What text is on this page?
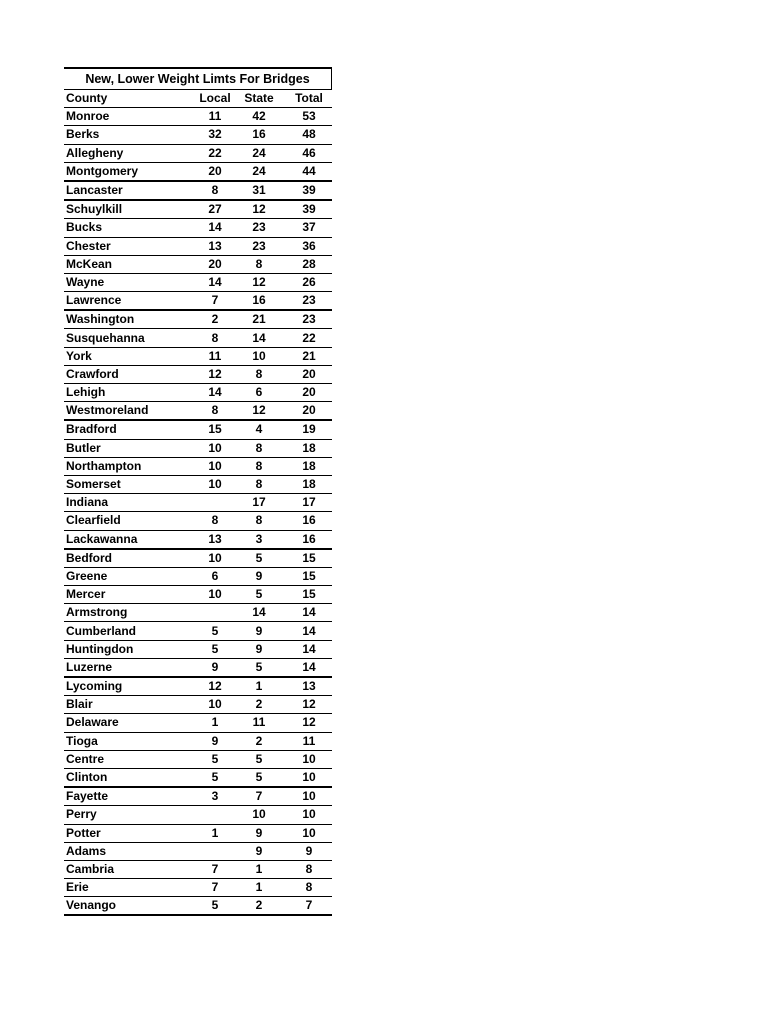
New, Lower Weight Limts For Bridges
County	Local	State	Total
Monroe	11	42	53
Berks	32	16	48
Allegheny	22	24	46
Montgomery	20	24	44
Lancaster	8	31	39
Schuylkill	27	12	39
Bucks	14	23	37
Chester	13	23	36
McKean	20	8	28
Wayne	14	12	26
Lawrence	7	16	23
Washington	2	21	23
Susquehanna	8	14	22
York	11	10	21
Crawford	12	8	20
Lehigh	14	6	20
Westmoreland	8	12	20
Bradford	15	4	19
Butler	10	8	18
Northampton	10	8	18
Somerset	10	8	18
Indiana		17	17
Clearfield	8	8	16
Lackawanna	13	3	16
Bedford	10	5	15
Greene	6	9	15
Mercer	10	5	15
Armstrong		14	14
Cumberland	5	9	14
Huntingdon	5	9	14
Luzerne	9	5	14
Lycoming	12	1	13
Blair	10	2	12
Delaware	1	11	12
Tioga	9	2	11
Centre	5	5	10
Clinton	5	5	10
Fayette	3	7	10
Perry		10	10
Potter	1	9	10
Adams		9	9
Cambria	7	1	8
Erie	7	1	8
Venango	5	2	7
